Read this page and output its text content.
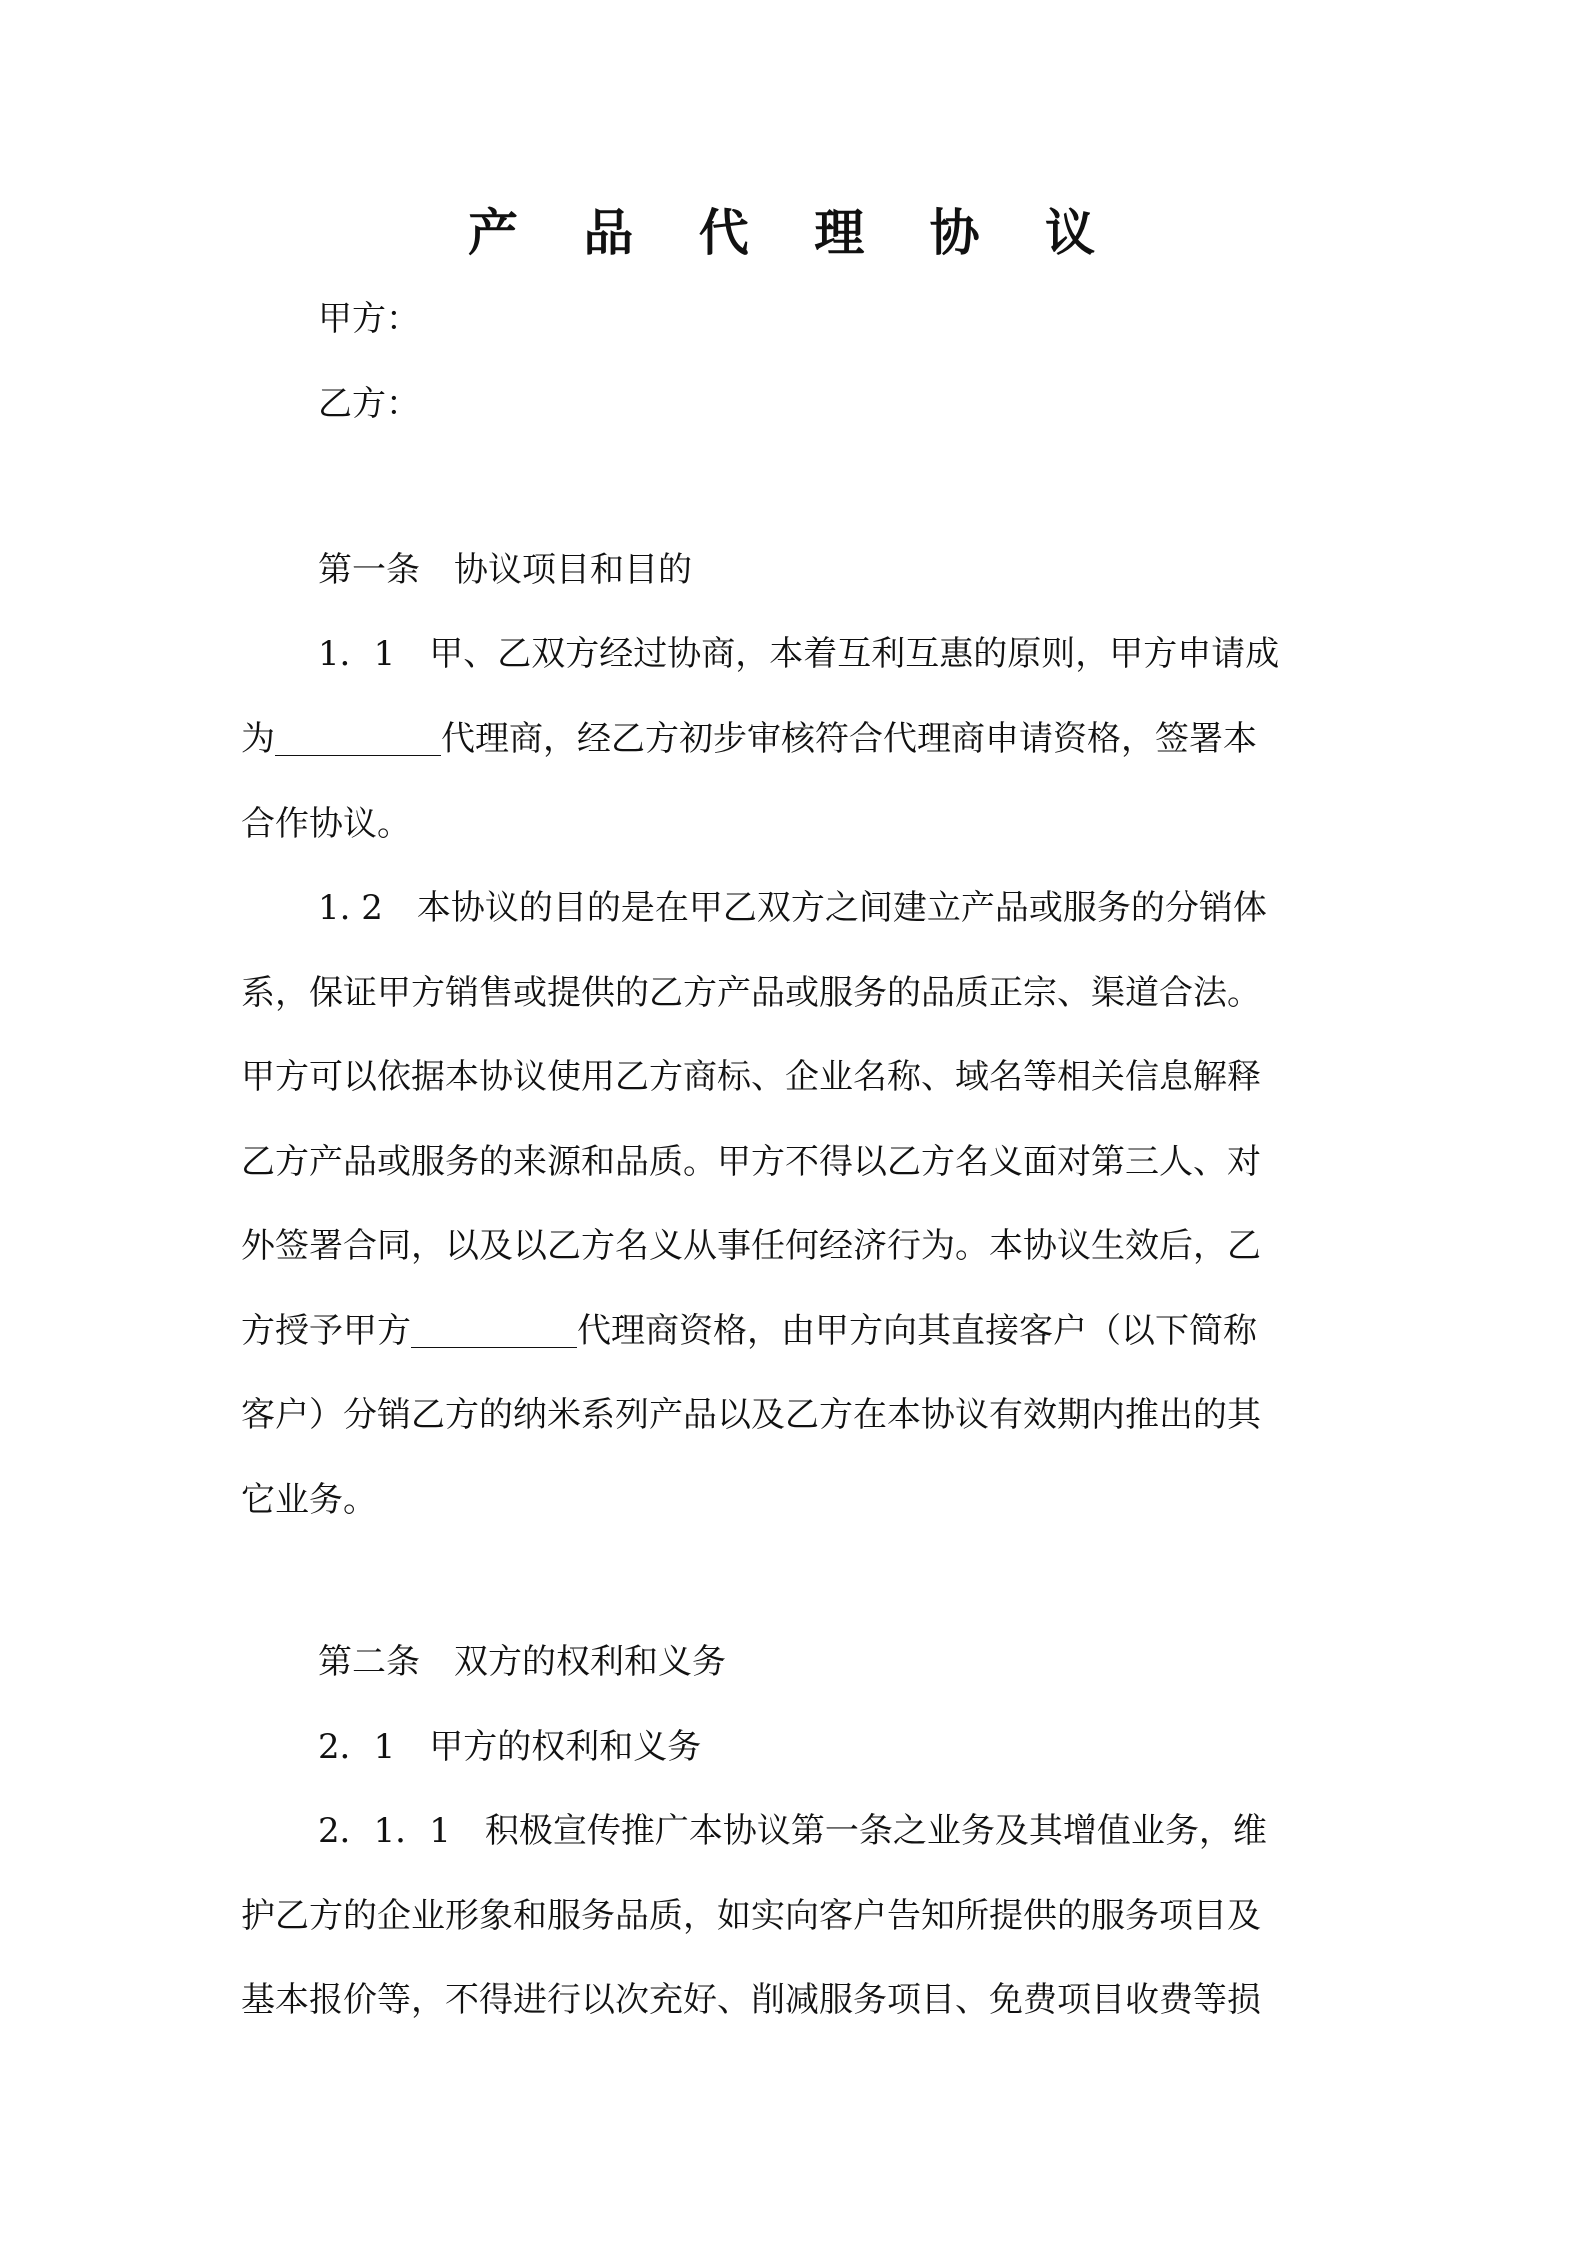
产 品 代 理 协 议
甲方：
乙方：
第一条　协议项目和目的
1．1　甲、乙双方经过协商，本着互利互惠的原则，甲方申请成
为	代理商，经乙方初步审核符合代理商申请资格，签署本
合作协议。
1. 2　本协议的目的是在甲乙双方之间建立产品或服务的分销体
系，保证甲方销售或提供的乙方产品或服务的品质正宗、渠道合法。
甲方可以依据本协议使用乙方商标、企业名称、域名等相关信息解释
乙方产品或服务的来源和品质。甲方不得以乙方名义面对第三人、对
外签署合同，以及以乙方名义从事任何经济行为。本协议生效后，乙
方授予甲方	代理商资格，由甲方向其直接客户（以下简称
客户）分销乙方的纳米系列产品以及乙方在本协议有效期内推出的其
它业务。
第二条　双方的权利和义务
2．1　甲方的权利和义务
2．1．1　积极宣传推广本协议第一条之业务及其增值业务，维
护乙方的企业形象和服务品质，如实向客户告知所提供的服务项目及
基本报价等，不得进行以次充好、削减服务项目、免费项目收费等损
